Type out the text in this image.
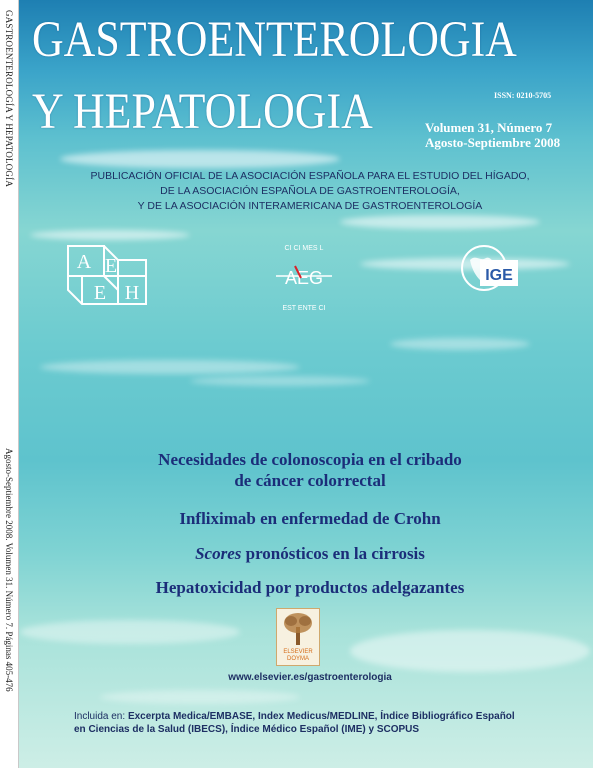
GASTROENTEROLOGÍA Y HEPATOLOGÍA
Agosto-Septiembre 2008. Volumen 31. Número 7. Páginas 405-476
GASTROENTEROLOGIA
Y HEPATOLOGIA	ISSN: 0210-5705
Volumen 31, Número 7
Agosto-Septiembre 2008
PUBLICACIÓN OFICIAL DE LA ASOCIACIÓN ESPAÑOLA PARA EL ESTUDIO DEL HÍGADO,
DE LA ASOCIACIÓN ESPAÑOLA DE GASTROENTEROLOGÍA,
Y DE LA ASOCIACIÓN INTERAMERICANA DE GASTROENTEROLOGÍA
A E
E H
CI CI MES L
AEG
EST ENTE CI
IGE
Necesidades de colonoscopia en el cribado
de cáncer colorrectal
Infliximab en enfermedad de Crohn
Scores pronósticos en la cirrosis
Hepatoxicidad por productos adelgazantes
ELSEVIER
DOYMA
www.elsevier.es/gastroenterologia
Incluida en: Excerpta Medica/EMBASE, Index Medicus/MEDLINE, Índice Bibliográfico Español
en Ciencias de la Salud (IBECS), Índice Médico Español (IME) y SCOPUS
